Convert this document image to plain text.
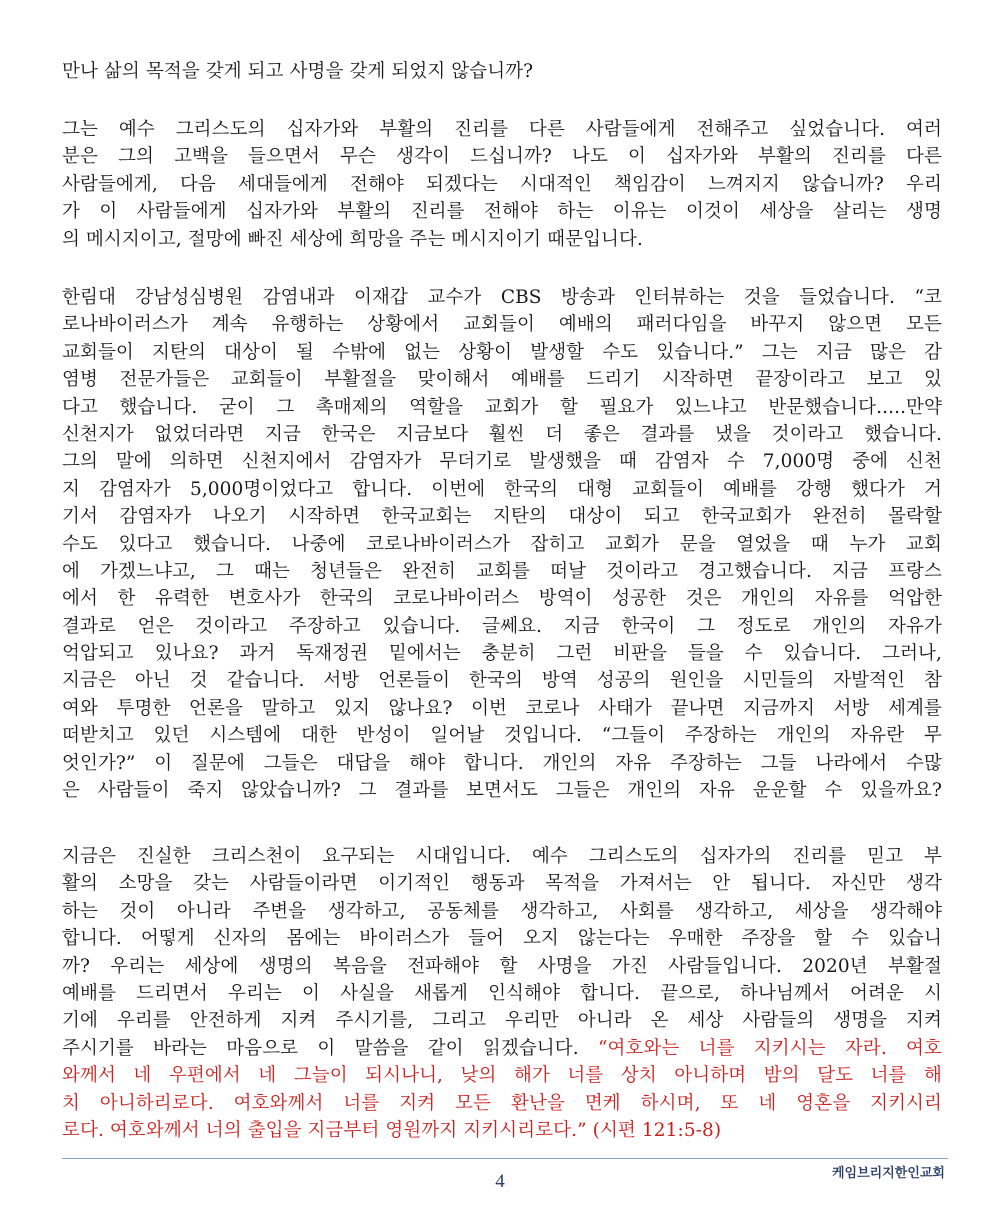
만나 삶의 목적을 갖게 되고 사명을 갖게 되었지 않습니까?
그는 예수 그리스도의 십자가와 부활의 진리를 다른 사람들에게 전해주고 싶었습니다. 여러
분은 그의 고백을 들으면서 무슨 생각이 드십니까? 나도 이 십자가와 부활의 진리를 다른
사람들에게, 다음 세대들에게 전해야 되겠다는 시대적인 책임감이 느껴지지 않습니까? 우리
가 이 사람들에게 십자가와 부활의 진리를 전해야 하는 이유는 이것이 세상을 살리는 생명
의 메시지이고, 절망에 빠진 세상에 희망을 주는 메시지이기 때문입니다.
한림대 강남성심병원 감염내과 이재갑 교수가 CBS 방송과 인터뷰하는 것을 들었습니다. “코
로나바이러스가 계속 유행하는 상황에서 교회들이 예배의 패러다임을 바꾸지 않으면 모든
교회들이 지탄의 대상이 될 수밖에 없는 상황이 발생할 수도 있습니다.” 그는 지금 많은 감
염병 전문가들은 교회들이 부활절을 맞이해서 예배를 드리기 시작하면 끝장이라고 보고 있
다고 했습니다. 굳이 그 촉매제의 역할을 교회가 할 필요가 있느냐고 반문했습니다.....만약
신천지가 없었더라면 지금 한국은 지금보다 훨씬 더 좋은 결과를 냈을 것이라고 했습니다.
그의 말에 의하면 신천지에서 감염자가 무더기로 발생했을 때 감염자 수 7,000명 중에 신천
지 감염자가 5,000명이었다고 합니다. 이번에 한국의 대형 교회들이 예배를 강행 했다가 거
기서 감염자가 나오기 시작하면 한국교회는 지탄의 대상이 되고 한국교회가 완전히 몰락할
수도 있다고 했습니다. 나중에 코로나바이러스가 잡히고 교회가 문을 열었을 때 누가 교회
에 가겠느냐고, 그 때는 청년들은 완전히 교회를 떠날 것이라고 경고했습니다. 지금 프랑스
에서 한 유력한 변호사가 한국의 코로나바이러스 방역이 성공한 것은 개인의 자유를 억압한
결과로 얻은 것이라고 주장하고 있습니다. 글쎄요. 지금 한국이 그 정도로 개인의 자유가
억압되고 있나요? 과거 독재정권 밑에서는 충분히 그런 비판을 들을 수 있습니다. 그러나,
지금은 아닌 것 같습니다. 서방 언론들이 한국의 방역 성공의 원인을 시민들의 자발적인 참
여와 투명한 언론을 말하고 있지 않나요? 이번 코로나 사태가 끝나면 지금까지 서방 세계를
떠받치고 있던 시스템에 대한 반성이 일어날 것입니다. “그들이 주장하는 개인의 자유란 무
엇인가?” 이 질문에 그들은 대답을 해야 합니다. 개인의 자유 주장하는 그들 나라에서 수많
은 사람들이 죽지 않았습니까? 그 결과를 보면서도 그들은 개인의 자유 운운할 수 있을까요?
지금은 진실한 크리스천이 요구되는 시대입니다. 예수 그리스도의 십자가의 진리를 믿고 부
활의 소망을 갖는 사람들이라면 이기적인 행동과 목적을 가져서는 안 됩니다. 자신만 생각
하는 것이 아니라 주변을 생각하고, 공동체를 생각하고, 사회를 생각하고, 세상을 생각해야
합니다. 어떻게 신자의 몸에는 바이러스가 들어 오지 않는다는 우매한 주장을 할 수 있습니
까? 우리는 세상에 생명의 복음을 전파해야 할 사명을 가진 사람들입니다. 2020년 부활절
예배를 드리면서 우리는 이 사실을 새롭게 인식해야 합니다. 끝으로, 하나님께서 어려운 시
기에 우리를 안전하게 지켜 주시기를, 그리고 우리만 아니라 온 세상 사람들의 생명을 지켜
주시기를 바라는 마음으로 이 말씀을 같이 읽겠습니다. “여호와는 너를 지키시는 자라. 여호
와께서 네 우편에서 네 그늘이 되시나니, 낮의 해가 너를 상치 아니하며 밤의 달도 너를 해
치 아니하리로다. 여호와께서 너를 지켜 모든 환난을 면케 하시며, 또 네 영혼을 지키시리
로다. 여호와께서 너의 출입을 지금부터 영원까지 지키시리로다.” (시편 121:5-8)
케임브리지한인교회
4
